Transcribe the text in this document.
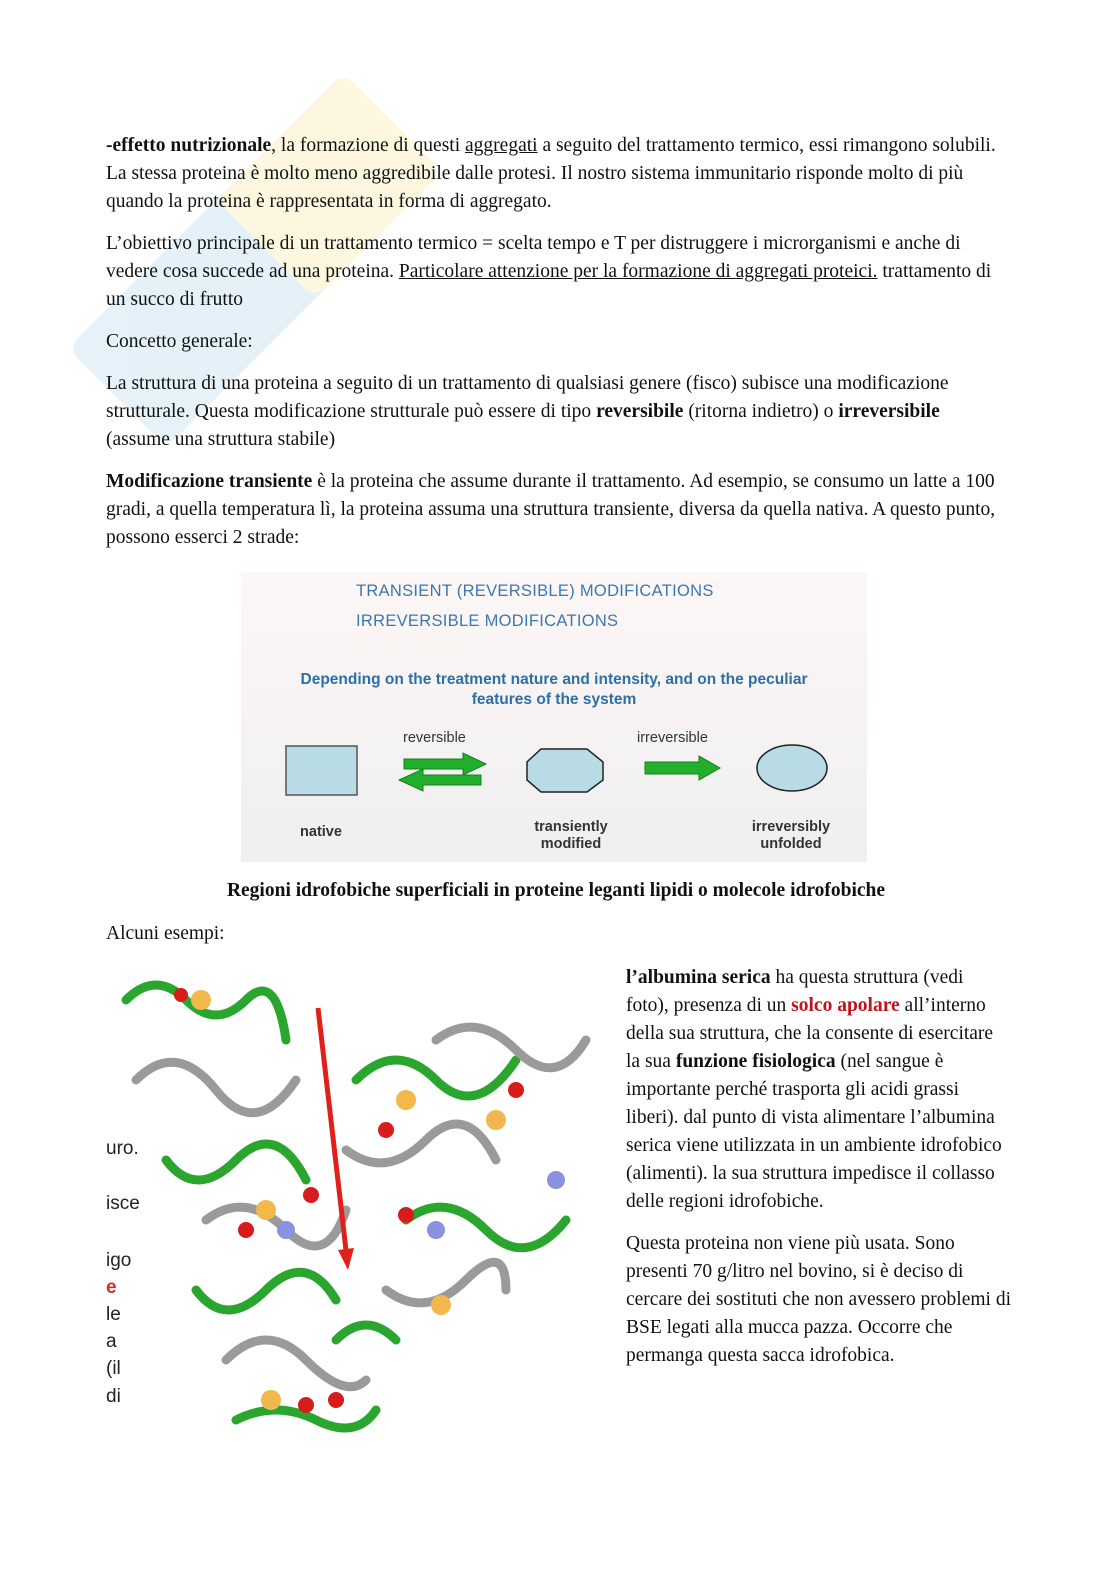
-effetto nutrizionale, la formazione di questi aggregati a seguito del trattamento termico, essi rimangono solubili. La stessa proteina è molto meno aggredibile dalle protesi. Il nostro sistema immunitario risponde molto di più quando la proteina è rappresentata in forma di aggregato.

L’obiettivo principale di un trattamento termico = scelta tempo e T per distruggere i microrganismi e anche di vedere cosa succede ad una proteina. Particolare attenzione per la formazione di aggregati proteici. trattamento di un succo di frutto

Concetto generale:

La struttura di una proteina a seguito di un trattamento di qualsiasi genere (fisco) subisce una modificazione strutturale. Questa modificazione strutturale può essere di tipo reversibile (ritorna indietro) o irreversibile (assume una struttura stabile)

Modificazione transiente è la proteina che assume durante il trattamento. Ad esempio, se consumo un latte a 100 gradi, a quella temperatura lì, la proteina assuma una struttura transiente, diversa da quella nativa. A questo punto, possono esserci 2 strade:

TRANSIENT (REVERSIBLE) MODIFICATIONS
IRREVERSIBLE MODIFICATIONS
Depending on the treatment nature and intensity, and on the peculiar features of the system
reversible	irreversible
native	transiently modified
irreversibly unfolded
Regioni idrofobiche superficiali in proteine leganti lipidi o molecole idrofobiche
Alcuni esempi:
uro.
isce
igo
e
le
a
(il
di

l’albumina serica ha questa struttura (vedi foto), presenza di un solco apolare all’interno della sua struttura, che la consente di esercitare la sua funzione fisiologica (nel sangue è importante perché trasporta gli acidi grassi liberi). dal punto di vista alimentare l’albumina serica viene utilizzata in un ambiente idrofobico (alimenti). la sua struttura impedisce il collasso delle regioni idrofobiche.

Questa proteina non viene più usata. Sono presenti 70 g/litro nel bovino, si è deciso di cercare dei sostituti che non avessero problemi di BSE legati alla mucca pazza. Occorre che permanga questa sacca idrofobica.
